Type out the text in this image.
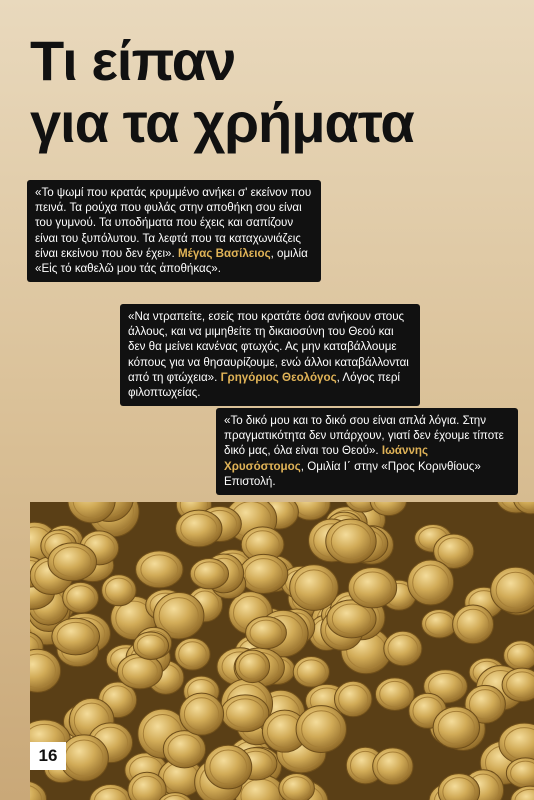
Τι είπαν
για τα χρήματα
«Το ψωμί που κρατάς κρυμμένο ανήκει σ' εκείνον που πεινά. Τα ρούχα που φυλάς στην αποθήκη σου είναι του γυμνού. Τα υποδήματα που έχεις και σαπίζουν είναι του ξυπόλυτου. Τα λεφτά που τα καταχωνιάζεις είναι εκείνου που δεν έχει». Μέγας Βασίλειος, ομιλία «Εἰς τό καθελῶ μου τάς ἀποθήκας».
«Να ντραπείτε, εσείς που κρατάτε όσα ανήκουν στους άλλους, και να μιμηθείτε τη δικαιοσύνη του Θεού και δεν θα μείνει κανένας φτωχός. Ας μην καταβάλλουμε κόπους για να θησαυρίζουμε, ενώ άλλοι καταβάλλονται από τη φτώχεια». Γρηγόριος Θεολόγος, Λόγος περί φιλοπτωχείας.
«Το δικό μου και το δικό σου είναι απλά λόγια. Στην πραγματικότητα δεν υπάρχουν, γιατί δεν έχουμε τίποτε δικό μας, όλα είναι του Θεού». Ιωάννης Χρυσόστομος, Ομιλία Ι΄ στην «Προς Κορινθίους» Επιστολή.
16
